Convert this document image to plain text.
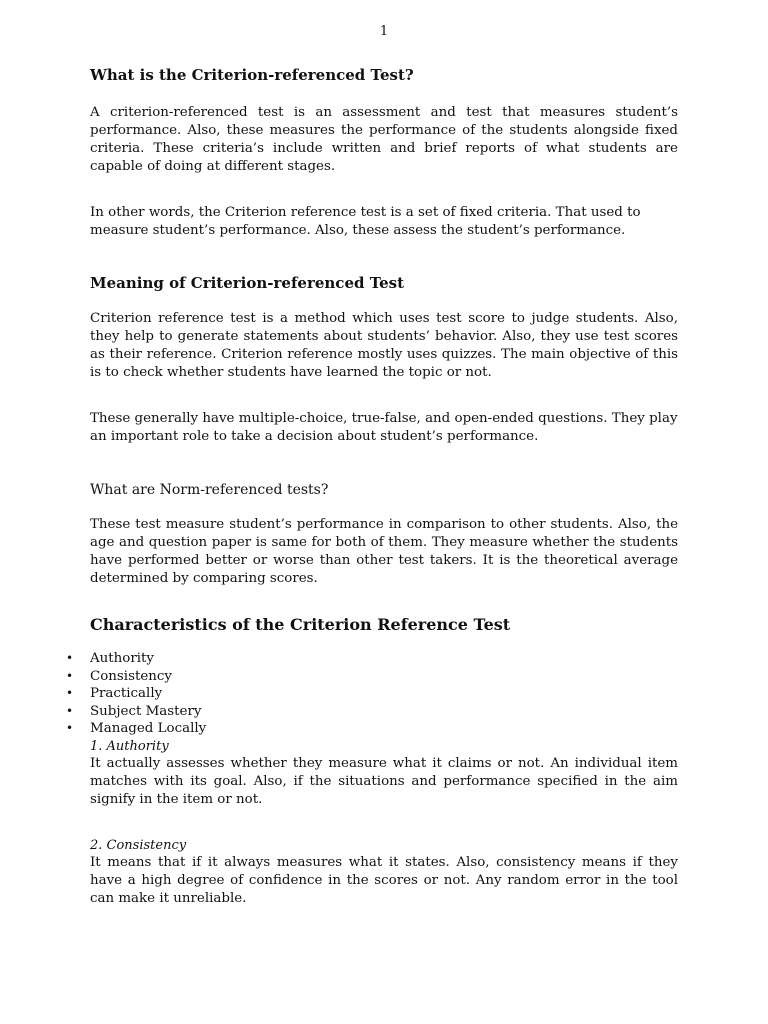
1
What is the Criterion-referenced Test?

A criterion-referenced test is an assessment and test that measures student’s performance. Also, these measures the performance of the students alongside fixed criteria. These criteria’s include written and brief reports of what students are capable of doing at different stages.

In other words, the Criterion reference test is a set of fixed criteria. That used to measure student’s performance. Also, these assess the student’s performance.

Meaning of Criterion-referenced Test

Criterion reference test is a method which uses test score to judge students. Also, they help to generate statements about students’ behavior. Also, they use test scores as their reference. Criterion reference mostly uses quizzes. The main objective of this is to check whether students have learned the topic or not.

These generally have multiple-choice, true-false, and open-ended questions. They play an important role to take a decision about student’s performance.

What are Norm-referenced tests?

These test measure student’s performance in comparison to other students. Also, the age and question paper is same for both of them. They measure whether the students have performed better or worse than other test takers. It is the theoretical average determined by comparing scores.

Characteristics of the Criterion Reference Test
• Authority
• Consistency
• Practically
• Subject Mastery
• Managed Locally
1. Authority

It actually assesses whether they measure what it claims or not. An individual item matches with its goal. Also, if the situations and performance specified in the aim signify in the item or not.

2. Consistency

It means that if it always measures what it states. Also, consistency means if they have a high degree of confidence in the scores or not. Any random error in the tool can make it unreliable.
